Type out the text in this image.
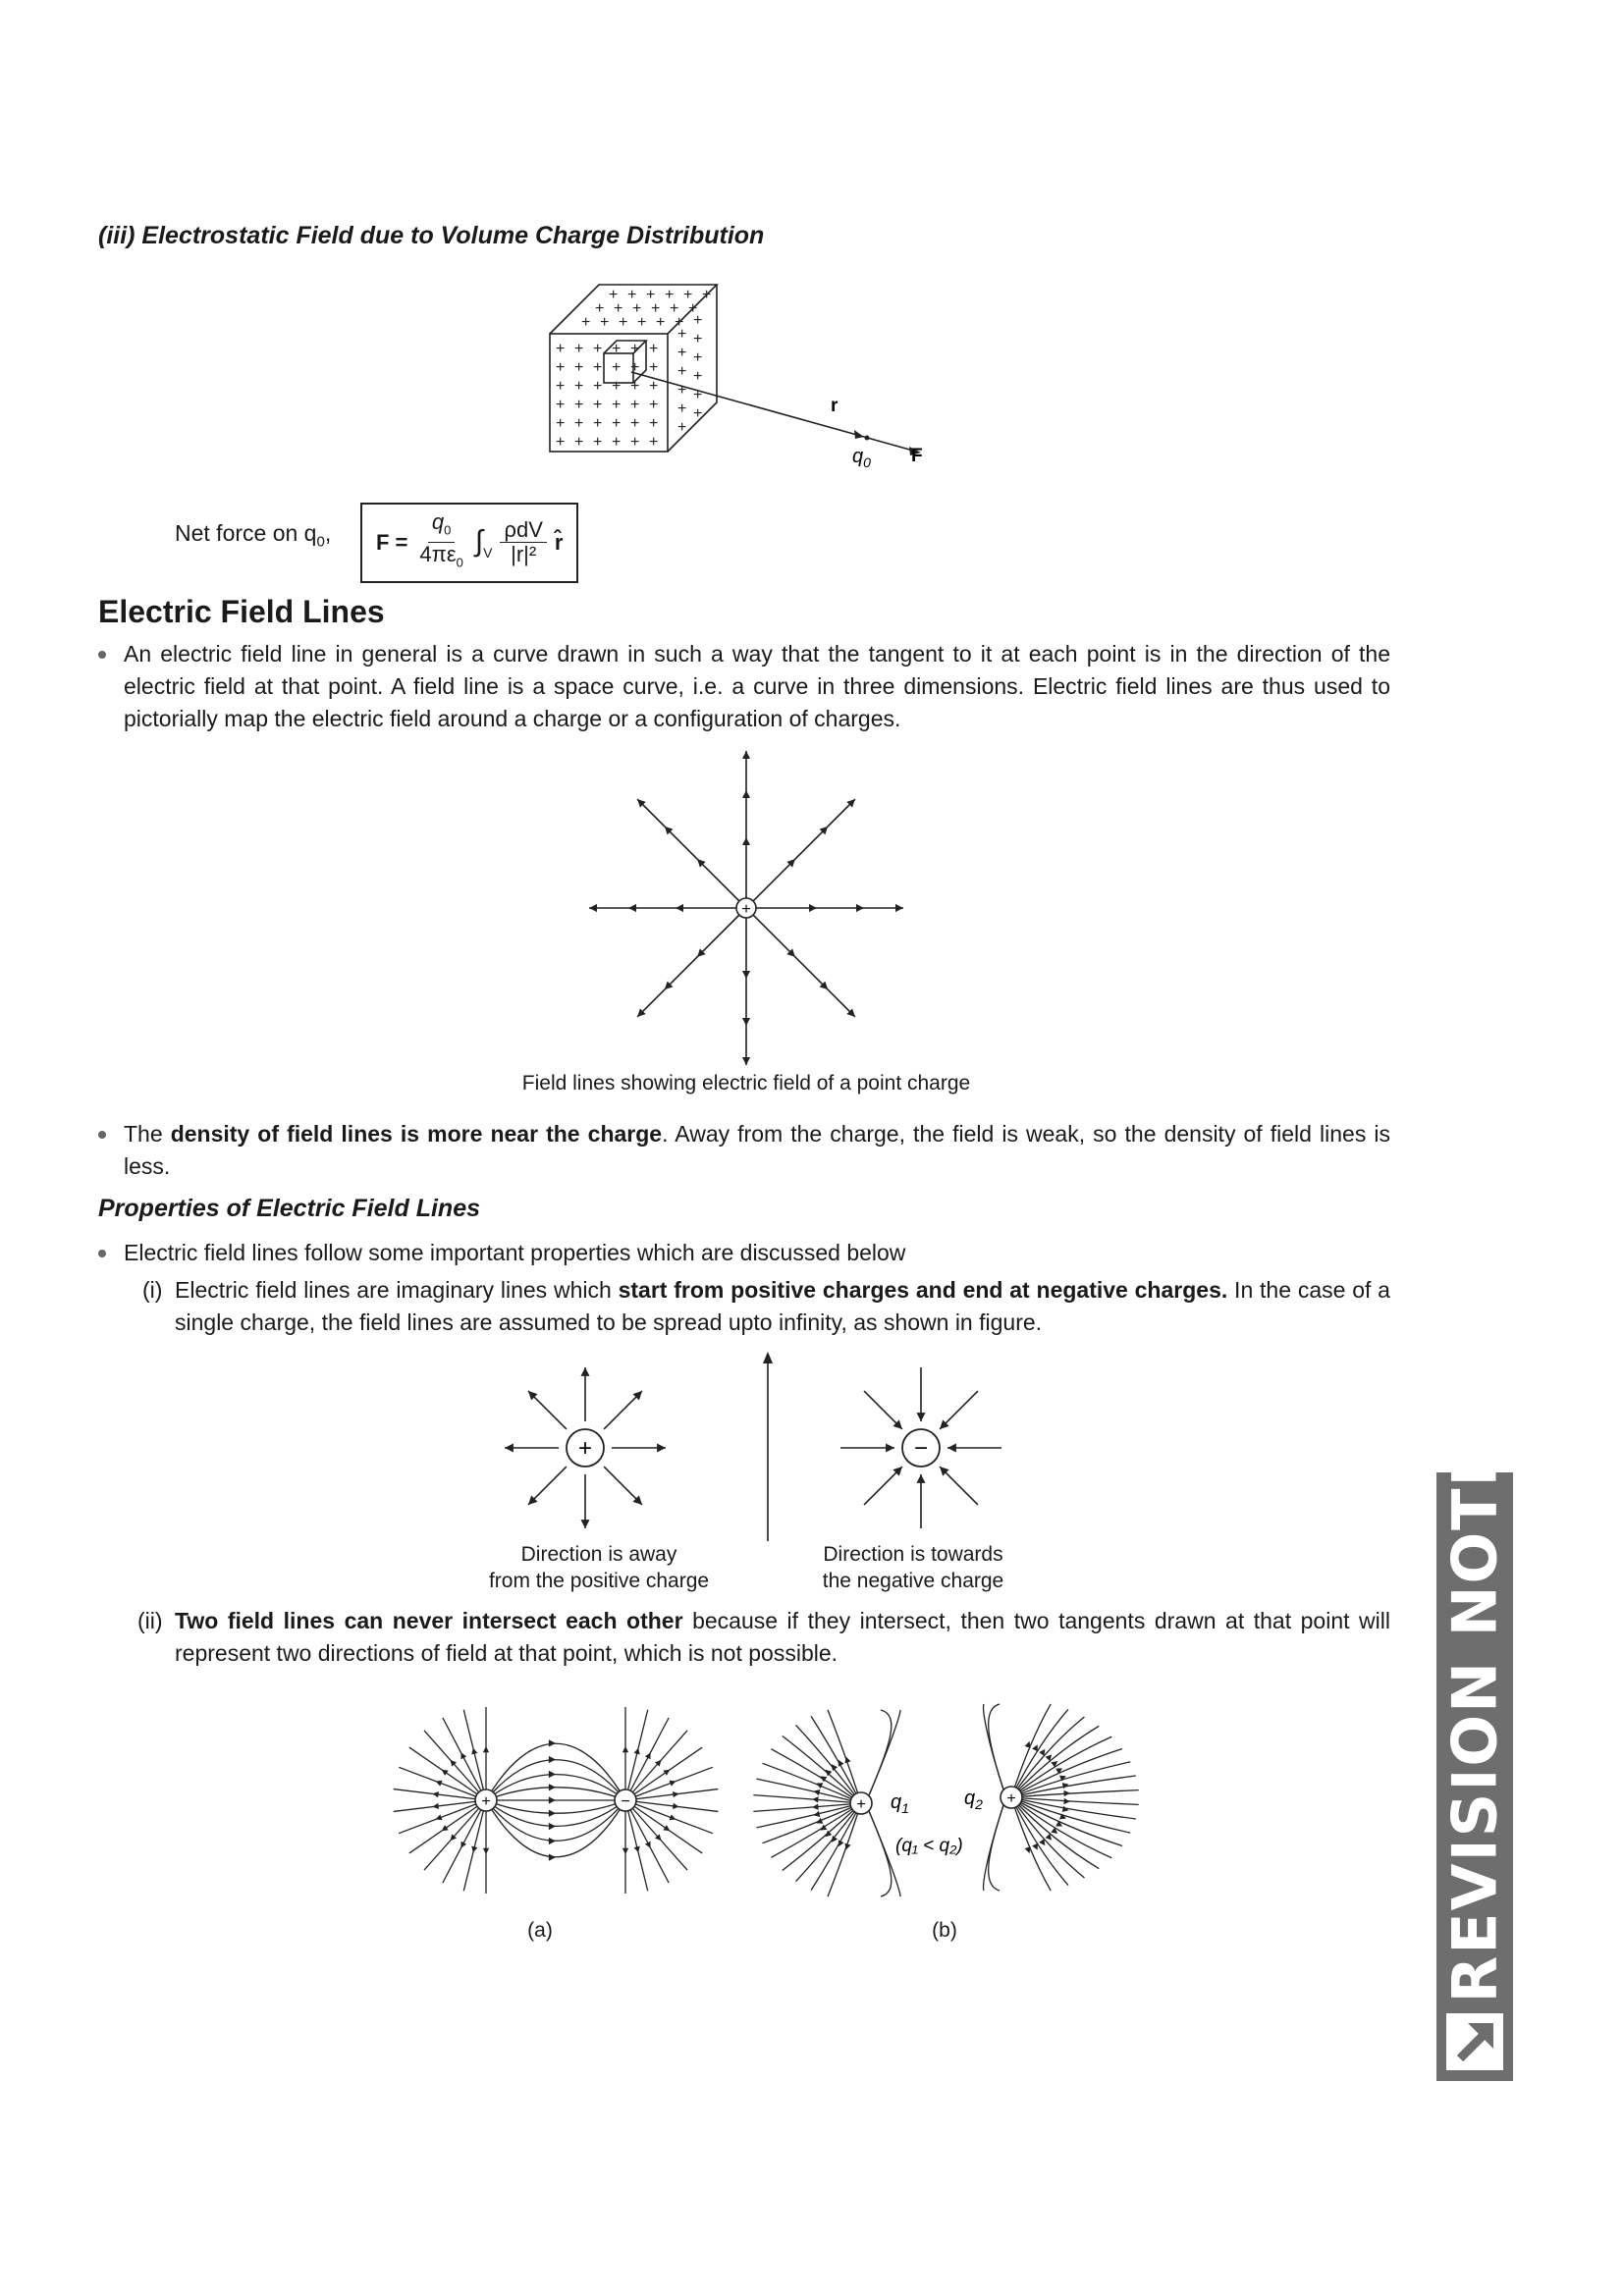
(iii) Electrostatic Field due to Volume Charge Distribution
+ + + + + +
+ + + + + +
+ + + + + +
+ + + + + +
+ + + + + +
+ + + + + +
+ + + + + +
+ + + + + +
+ + + + + +
+
+
+
+
+
+
+
+
+
+
+
+	r
$q_0$ F
Net force on $q_0$, $F = \frac{q_0}{4\pi\varepsilon_0} \int_V \frac{\text{ρdV}}{\text{|r|²}}$ r̂
Electric Field Lines
An electric field line in general is a curve drawn in such a way that the tangent to it at each point is in the direction of the electric field at that point. A field line is a space curve, i.e. a curve in three dimensions. Electric field lines are thus used to pictorially map the electric field around a charge or a configuration of charges.
+
Field lines showing electric field of a point charge
The density of field lines is more near the charge. Away from the charge, the field is weak, so the density of field lines is less.
Properties of Electric Field Lines
Electric field lines follow some important properties which are discussed below
(i) Electric field lines are imaginary lines which start from positive charges and end at negative charges. In the case of a single charge, the field lines are assumed to be spread upto infinity, as shown in figure.
+	−
Direction is away
from the positive charge
Direction is towards
the negative charge
(ii) Two field lines can never intersect each other because if they intersect, then two tangents drawn at that point will represent two directions of field at that point, which is not possible.
+	−	+	+
$q_1$	$q_2$
(q₁ < q₂)
(a)	(b)	REVISION NOTES
